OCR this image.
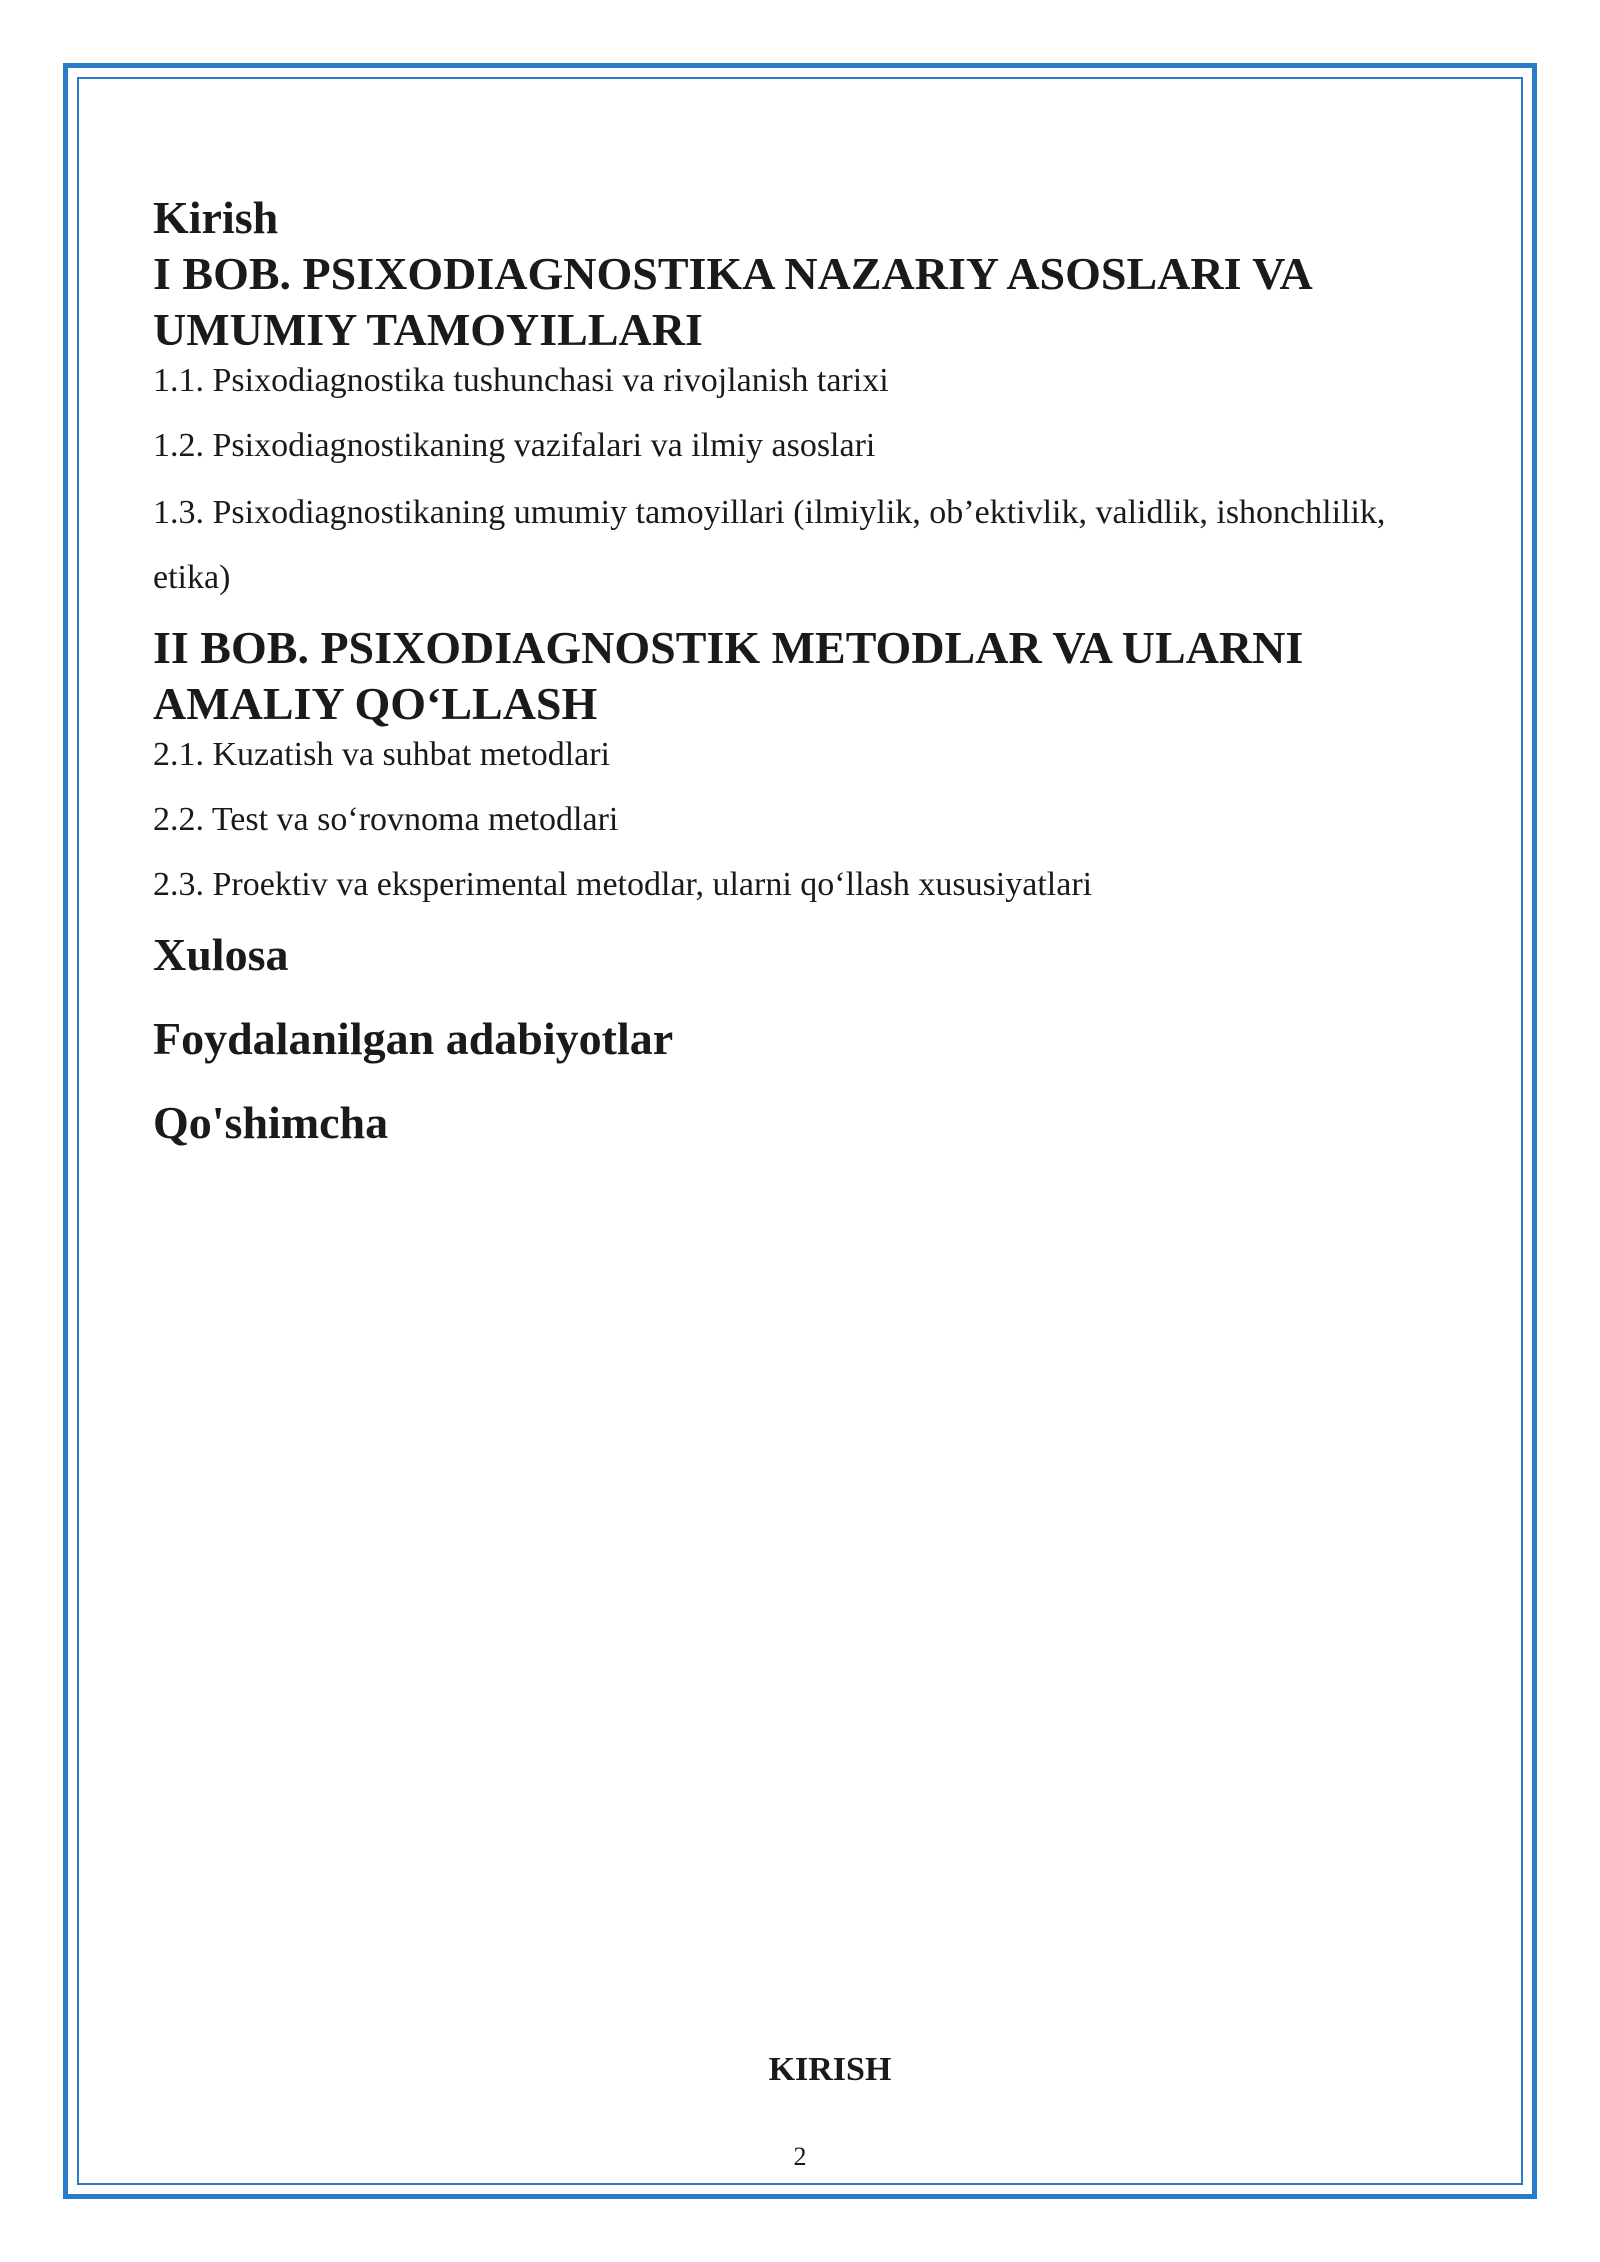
Kirish

I BOB. PSIXODIAGNOSTIKA NAZARIY ASOSLARI VA UMUMIY TAMOYILLARI

1.1. Psixodiagnostika tushunchasi va rivojlanish tarixi

1.2. Psixodiagnostikaning vazifalari va ilmiy asoslari

1.3. Psixodiagnostikaning umumiy tamoyillari (ilmiylik, ob’ektivlik, validlik, ishonchlilik, etika)

II BOB. PSIXODIAGNOSTIK METODLAR VA ULARNI AMALIY QO‘LLASH

2.1. Kuzatish va suhbat metodlari

2.2. Test va so‘rovnoma metodlari

2.3. Proektiv va eksperimental metodlar, ularni qo‘llash xususiyatlari

Xulosa

Foydalanilgan adabiyotlar

Qo'shimcha

KIRISH
2
